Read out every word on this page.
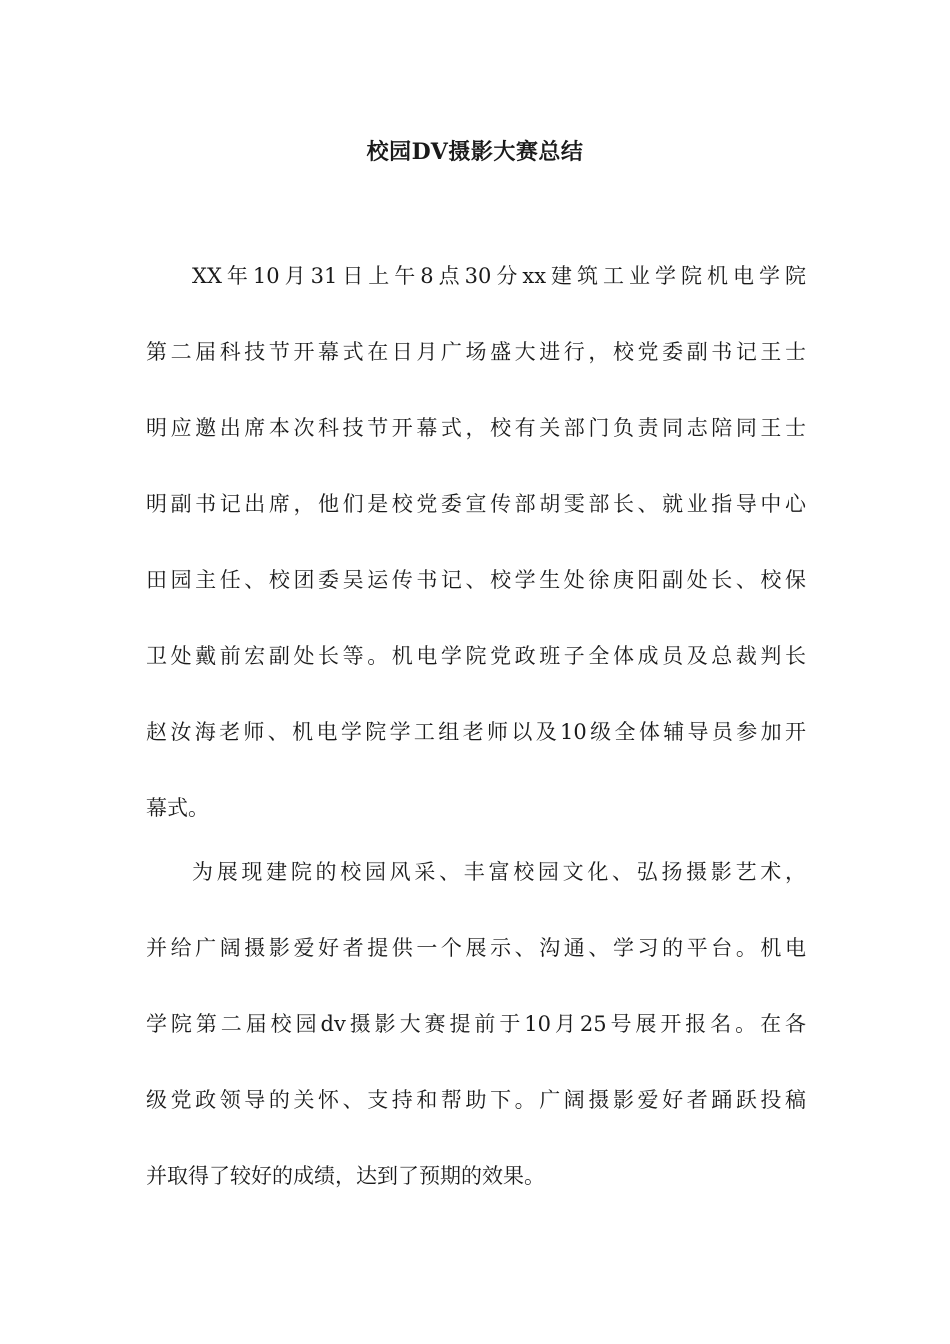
校园DV摄影大赛总结
XX年10月31日上午8点30分xx建筑工业学院机电学院
第二届科技节开幕式在日月广场盛大进行，校党委副书记王士
明应邀出席本次科技节开幕式，校有关部门负责同志陪同王士
明副书记出席，他们是校党委宣传部胡雯部长、就业指导中心
田园主任、校团委吴运传书记、校学生处徐庚阳副处长、校保
卫处戴前宏副处长等。机电学院党政班子全体成员及总裁判长
赵汝海老师、机电学院学工组老师以及10级全体辅导员参加开
幕式。
为展现建院的校园风采、丰富校园文化、弘扬摄影艺术，
并给广阔摄影爱好者提供一个展示、沟通、学习的平台。机电
学院第二届校园dv摄影大赛提前于10月25号展开报名。在各
级党政领导的关怀、支持和帮助下。广阔摄影爱好者踊跃投稿
并取得了较好的成绩，达到了预期的效果。
